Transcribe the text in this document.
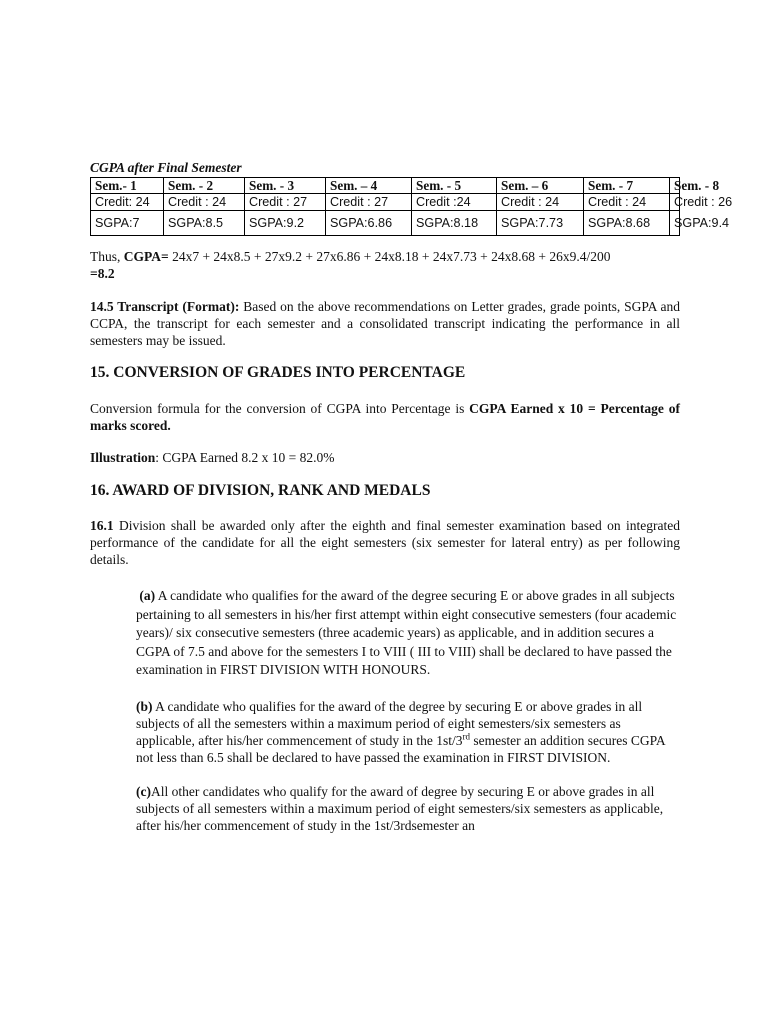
CGPA after Final Semester

Sem.- 1	Sem. - 2	Sem. - 3	Sem. – 4	Sem. - 5	Sem. – 6	Sem. - 7	Sem. - 8
Credit: 24	Credit : 24	Credit : 27	Credit : 27	Credit :24	Credit : 24	Credit : 24	Credit : 26
SGPA:7	SGPA:8.5	SGPA:9.2	SGPA:6.86	SGPA:8.18	SGPA:7.73	SGPA:8.68	SGPA:9.4

Thus, CGPA= 24x7 + 24x8.5 + 27x9.2 + 27x6.86 + 24x8.18 + 24x7.73 + 24x8.68 + 26x9.4/200
=8.2

14.5 Transcript (Format): Based on the above recommendations on Letter grades, grade points, SGPA and CCPA, the transcript for each semester and a consolidated transcript indicating the performance in all semesters may be issued.

15. CONVERSION OF GRADES INTO PERCENTAGE

Conversion formula for the conversion of CGPA into Percentage is CGPA Earned x 10 = Percentage of marks scored.

Illustration: CGPA Earned 8.2 x 10 = 82.0%

16. AWARD OF DIVISION, RANK AND MEDALS

16.1 Division shall be awarded only after the eighth and final semester examination based on integrated performance of the candidate for all the eight semesters (six semester for lateral entry) as per following details.

(a) A candidate who qualifies for the award of the degree securing E or above grades in all subjects pertaining to all semesters in his/her first attempt within eight consecutive semesters (four academic years)/ six consecutive semesters (three academic years) as applicable, and in addition secures a CGPA of 7.5 and above for the semesters I to VIII ( III to VIII) shall be declared to have passed the examination in FIRST DIVISION WITH HONOURS.

(b) A candidate who qualifies for the award of the degree by securing E or above grades in all subjects of all the semesters within a maximum period of eight semesters/six semesters as applicable, after his/her commencement of study in the 1st/3rd semester an addition secures CGPA not less than 6.5 shall be declared to have passed the examination in FIRST DIVISION.

(c)All other candidates who qualify for the award of degree by securing E or above grades in all subjects of all semesters within a maximum period of eight semesters/six semesters as applicable, after his/her commencement of study in the 1st/3rdsemester an
